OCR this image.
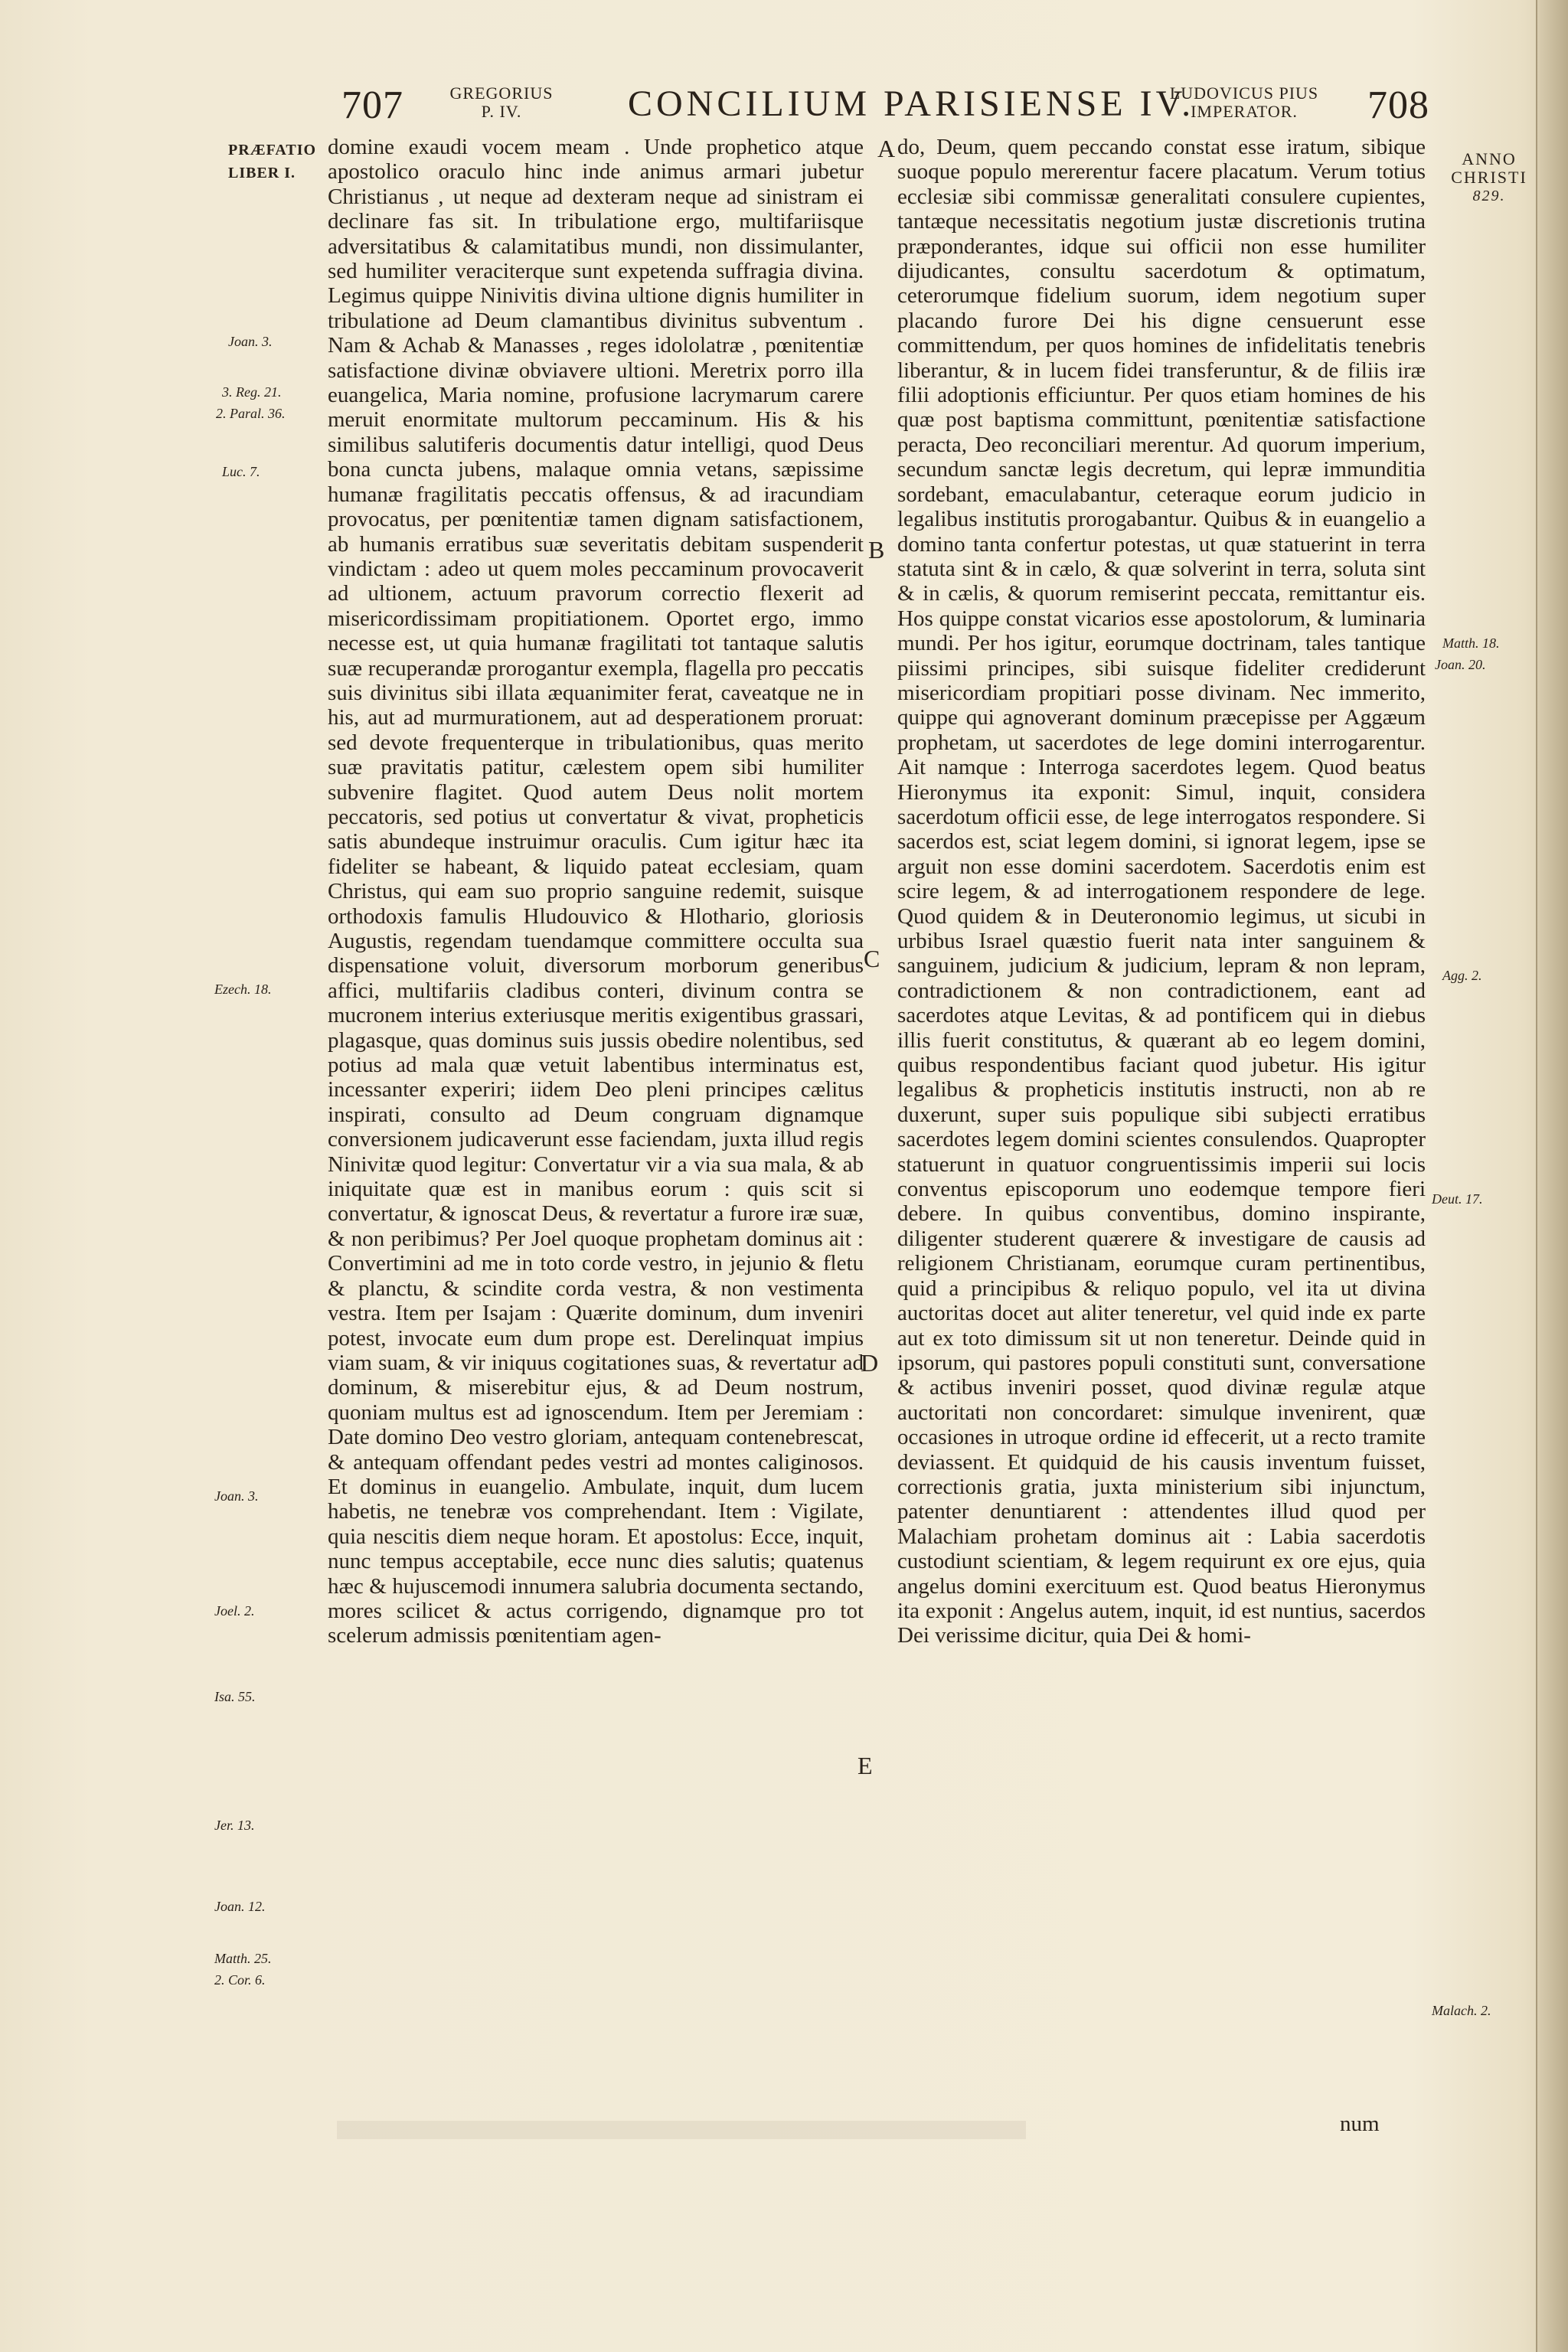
707	GREGORIUS
P. IV.	CONCILIUM PARISIENSE IV.
LUDOVICUS PIUS
IMPERATOR.	708
ANNO
CHRISTI
829.
PRÆFATIO
LIBER I.
Joan. 3.
3. Reg. 21.
2. Paral. 36.
Luc. 7.
Ezech. 18.
Joan. 3.
Joel. 2.
Isa. 55.
Jer. 13.
Joan. 12.
Matth. 25.
2. Cor. 6.
A
B
C
D
E
Matth. 18.
Joan. 20.
Agg. 2.
Deut. 17.
Malach. 2.

domine exaudi vocem meam . Unde prophetico atque apostolico oraculo hinc inde animus armari jubetur Christianus , ut neque ad dexteram neque ad sinistram ei declinare fas sit. In tribulatione ergo, multifariisque adversitatibus & calamitatibus mundi, non dissimulanter, sed humiliter veraciterque sunt expetenda suffragia divina. Legimus quippe Ninivitis divina ultione dignis humiliter in tribulatione ad Deum clamantibus divinitus subventum . Nam & Achab & Manasses , reges idololatræ , pœnitentiæ satisfactione divinæ obviavere ultioni. Meretrix porro illa euangelica, Maria nomine, profusione lacrymarum carere meruit enormitate multorum peccaminum. His & his similibus salutiferis documentis datur intelligi, quod Deus bona cuncta jubens, malaque omnia vetans, sæpissime humanæ fragilitatis peccatis offensus, & ad iracundiam provocatus, per pœnitentiæ tamen dignam satisfactionem, ab humanis erratibus suæ severitatis debitam suspenderit vindictam : adeo ut quem moles peccaminum provocaverit ad ultionem, actuum pravorum correctio flexerit ad misericordissimam propitiationem. Oportet ergo, immo necesse est, ut quia humanæ fragilitati tot tantaque salutis suæ recuperandæ prorogantur exempla, flagella pro peccatis suis divinitus sibi illata æquanimiter ferat, caveatque ne in his, aut ad murmurationem, aut ad desperationem proruat: sed devote frequenterque in tribulationibus, quas merito suæ pravitatis patitur, cælestem opem sibi humiliter subvenire flagitet. Quod autem Deus nolit mortem peccatoris, sed potius ut convertatur & vivat, propheticis satis abundeque instruimur oraculis. Cum igitur hæc ita fideliter se habeant, & liquido pateat ecclesiam, quam Christus, qui eam suo proprio sanguine redemit, suisque orthodoxis famulis Hludouvico & Hlothario, gloriosis Augustis, regendam tuendamque committere occulta sua dispensatione voluit, diversorum morborum generibus affici, multifariis cladibus conteri, divinum contra se mucronem interius exteriusque meritis exigentibus grassari, plagasque, quas dominus suis jussis obedire nolentibus, sed potius ad mala quæ vetuit labentibus interminatus est, incessanter experiri; iidem Deo pleni principes cælitus inspirati, consulto ad Deum congruam dignamque conversionem judicaverunt esse faciendam, juxta illud regis Ninivitæ quod legitur: Convertatur vir a via sua mala, & ab iniquitate quæ est in manibus eorum : quis scit si convertatur, & ignoscat Deus, & revertatur a furore iræ suæ, & non peribimus? Per Joel quoque prophetam dominus ait : Convertimini ad me in toto corde vestro, in jejunio & fletu & planctu, & scindite corda vestra, & non vestimenta vestra. Item per Isajam : Quærite dominum, dum inveniri potest, invocate eum dum prope est. Derelinquat impius viam suam, & vir iniquus cogitationes suas, & revertatur ad dominum, & miserebitur ejus, & ad Deum nostrum, quoniam multus est ad ignoscendum. Item per Jeremiam : Date domino Deo vestro gloriam, antequam contenebrescat, & antequam offendant pedes vestri ad montes caliginosos. Et dominus in euangelio. Ambulate, inquit, dum lucem habetis, ne tenebræ vos comprehendant. Item : Vigilate, quia nescitis diem neque horam. Et apostolus: Ecce, inquit, nunc tempus acceptabile, ecce nunc dies salutis; quatenus hæc & hujuscemodi innumera salubria documenta sectando, mores scilicet & actus corrigendo, dignamque pro tot scelerum admissis pœnitentiam agen-

do, Deum, quem peccando constat esse iratum, sibique suoque populo mererentur facere placatum. Verum totius ecclesiæ sibi commissæ generalitati consulere cupientes, tantæque necessitatis negotium justæ discretionis trutina præponderantes, idque sui officii non esse humiliter dijudicantes, consultu sacerdotum & optimatum, ceterorumque fidelium suorum, idem negotium super placando furore Dei his digne censuerunt esse committendum, per quos homines de infidelitatis tenebris liberantur, & in lucem fidei transferuntur, & de filiis iræ filii adoptionis efficiuntur. Per quos etiam homines de his quæ post baptisma committunt, pœnitentiæ satisfactione peracta, Deo reconciliari merentur. Ad quorum imperium, secundum sanctæ legis decretum, qui lepræ immunditia sordebant, emaculabantur, ceteraque eorum judicio in legalibus institutis prorogabantur. Quibus & in euangelio a domino tanta confertur potestas, ut quæ statuerint in terra statuta sint & in cælo, & quæ solverint in terra, soluta sint & in cælis, & quorum remiserint peccata, remittantur eis. Hos quippe constat vicarios esse apostolorum, & luminaria mundi. Per hos igitur, eorumque doctrinam, tales tantique piissimi principes, sibi suisque fideliter crediderunt misericordiam propitiari posse divinam. Nec immerito, quippe qui agnoverant dominum præcepisse per Aggæum prophetam, ut sacerdotes de lege domini interrogarentur. Ait namque : Interroga sacerdotes legem. Quod beatus Hieronymus ita exponit: Simul, inquit, considera sacerdotum officii esse, de lege interrogatos respondere. Si sacerdos est, sciat legem domini, si ignorat legem, ipse se arguit non esse domini sacerdotem. Sacerdotis enim est scire legem, & ad interrogationem respondere de lege. Quod quidem & in Deuteronomio legimus, ut sicubi in urbibus Israel quæstio fuerit nata inter sanguinem & sanguinem, judicium & judicium, lepram & non lepram, contradictionem & non contradictionem, eant ad sacerdotes atque Levitas, & ad pontificem qui in diebus illis fuerit constitutus, & quærant ab eo legem domini, quibus respondentibus faciant quod jubetur. His igitur legalibus & propheticis institutis instructi, non ab re duxerunt, super suis populique sibi subjecti erratibus sacerdotes legem domini scientes consulendos. Quapropter statuerunt in quatuor congruentissimis imperii sui locis conventus episcoporum uno eodemque tempore fieri debere. In quibus conventibus, domino inspirante, diligenter studerent quærere & investigare de causis ad religionem Christianam, eorumque curam pertinentibus, quid a principibus & reliquo populo, vel ita ut divina auctoritas docet aut aliter teneretur, vel quid inde ex parte aut ex toto dimissum sit ut non teneretur. Deinde quid in ipsorum, qui pastores populi constituti sunt, conversatione & actibus inveniri posset, quod divinæ regulæ atque auctoritati non concordaret: simulque invenirent, quæ occasiones in utroque ordine id effecerit, ut a recto tramite deviassent. Et quidquid de his causis inventum fuisset, correctionis gratia, juxta ministerium sibi injunctum, patenter denuntiarent : attendentes illud quod per Malachiam prohetam dominus ait : Labia sacerdotis custodiunt scientiam, & legem requirunt ex ore ejus, quia angelus domini exercituum est. Quod beatus Hieronymus ita exponit : Angelus autem, inquit, id est nuntius, sacerdos Dei verissime dicitur, quia Dei & homi-

num
